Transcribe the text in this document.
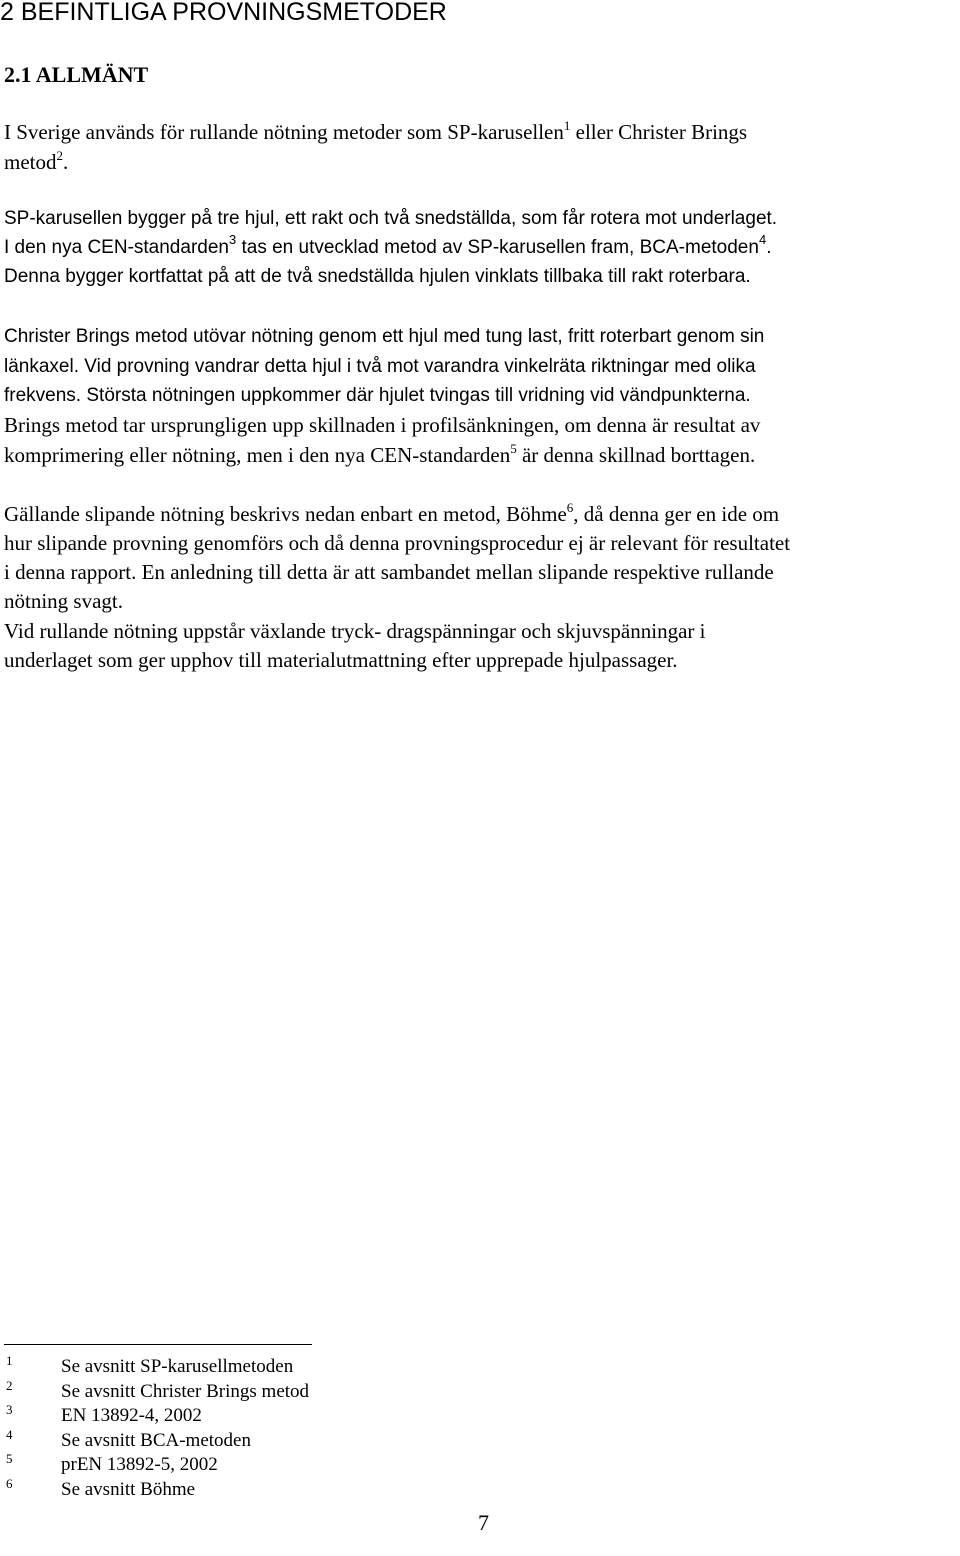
2 BEFINTLIGA PROVNINGSMETODER
2.1 ALLMÄNT
I Sverige används för rullande nötning metoder som SP-karusellen$^1$ eller Christer Brings
metod$^2$.
SP-karusellen bygger på tre hjul, ett rakt och två snedställda, som får rotera mot underlaget.
I den nya CEN-standarden$^3$ tas en utvecklad metod av SP-karusellen fram, BCA-metoden$^4$.
Denna bygger kortfattat på att de två snedställda hjulen vinklats tillbaka till rakt roterbara.
Christer Brings metod utövar nötning genom ett hjul med tung last, fritt roterbart genom sin
länkaxel. Vid provning vandrar detta hjul i två mot varandra vinkelräta riktningar med olika
frekvens. Största nötningen uppkommer där hjulet tvingas till vridning vid vändpunkterna.
Brings metod tar ursprungligen upp skillnaden i profilsänkningen, om denna är resultat av
komprimering eller nötning, men i den nya CEN-standarden$^5$ är denna skillnad borttagen.
Gällande slipande nötning beskrivs nedan enbart en metod, Böhme$^6$, då denna ger en ide om
hur slipande provning genomförs och då denna provningsprocedur ej är relevant för resultatet
i denna rapport. En anledning till detta är att sambandet mellan slipande respektive rullande
nötning svagt.
Vid rullande nötning uppstår växlande tryck- dragspänningar och skjuvspänningar i
underlaget som ger upphov till materialutmattning efter upprepade hjulpassager.
1	Se avsnitt SP-karusellmetoden
2	Se avsnitt Christer Brings metod
3	EN 13892-4, 2002
4	Se avsnitt BCA-metoden
5	prEN 13892-5, 2002
6	Se avsnitt Böhme
7
